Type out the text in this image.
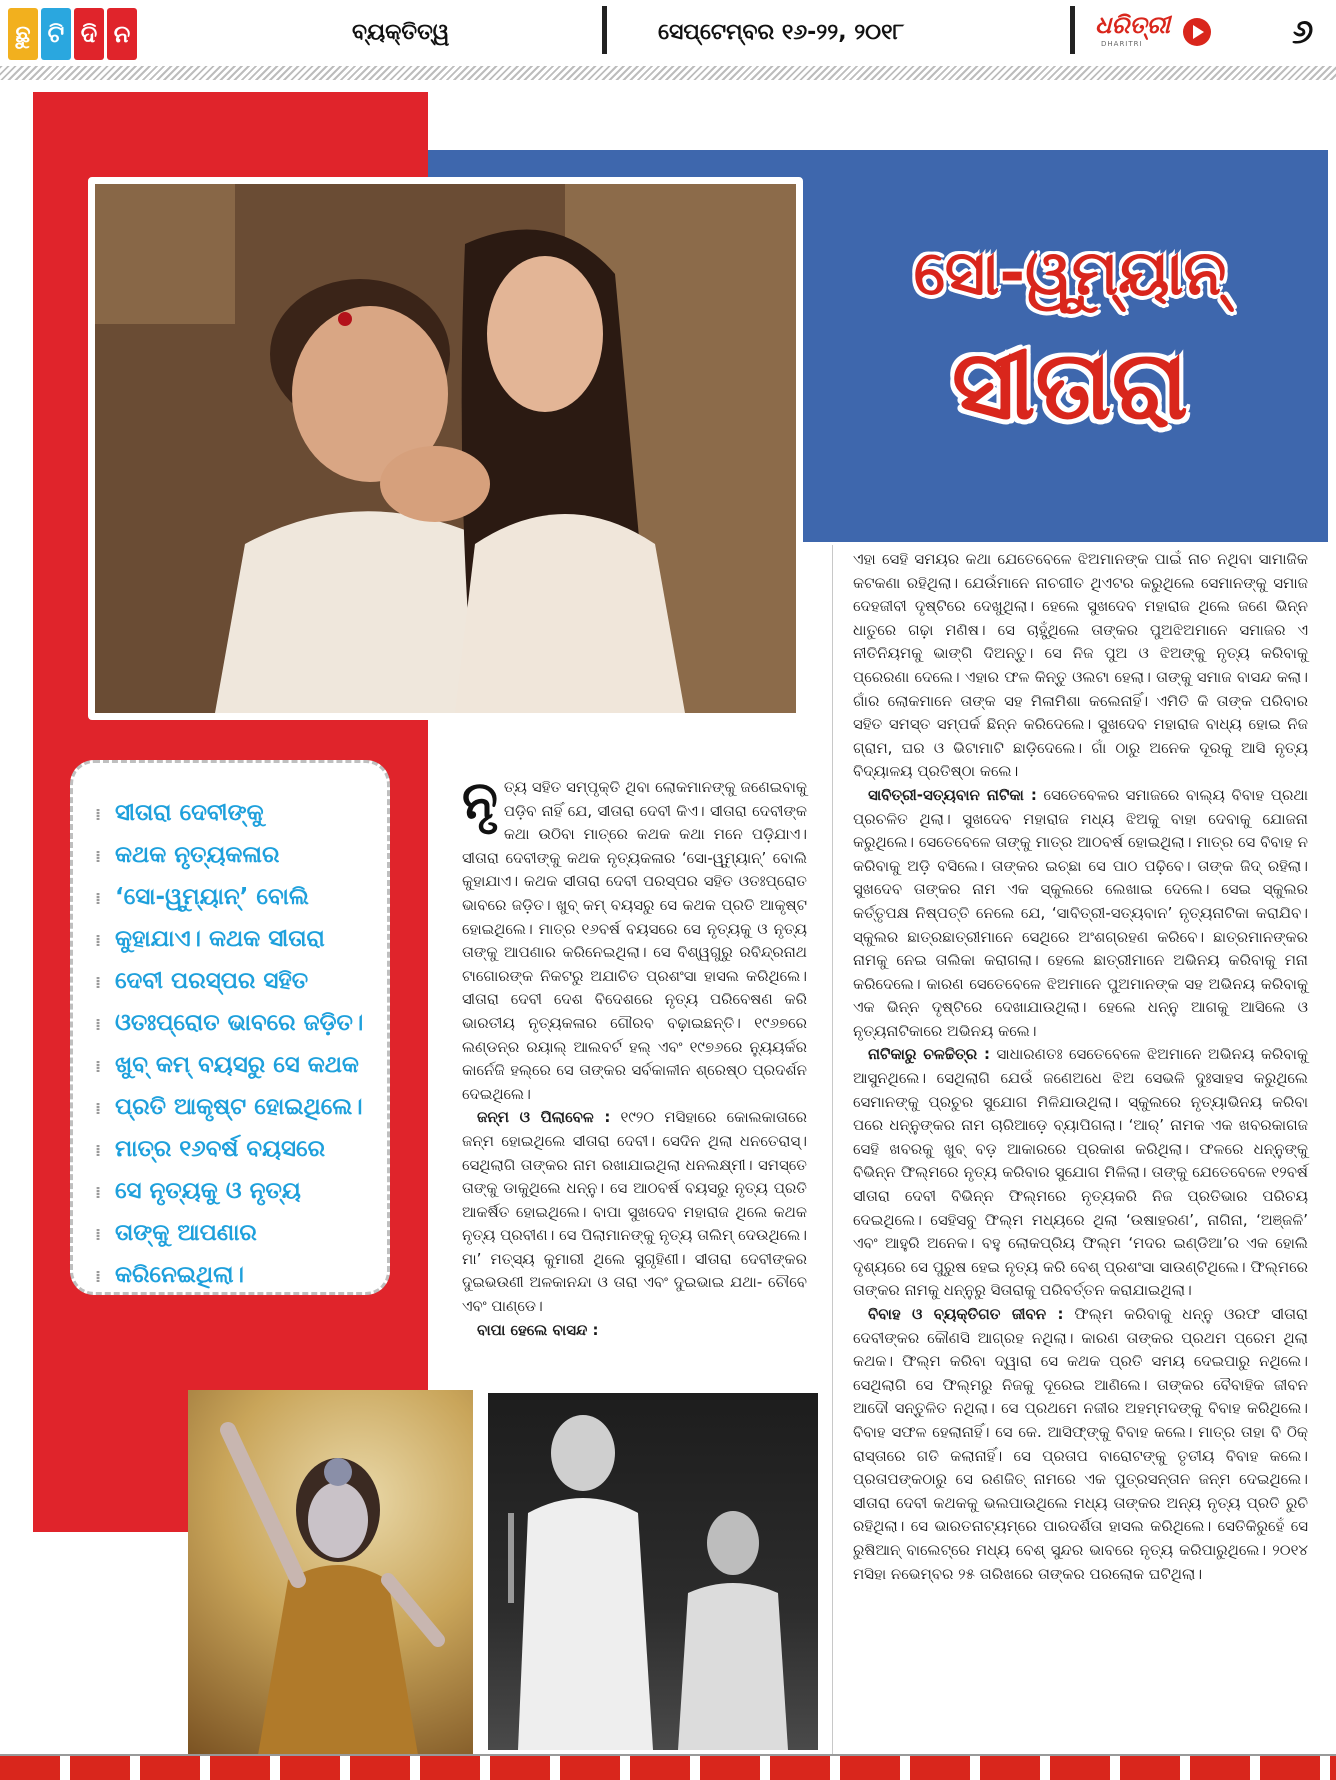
ଛୁ ଟି ଦି ନ	ବ୍ୟକ୍ତିତ୍ୱ	ସେପ୍ଟେମ୍ବର ୧୬-୨୨, ୨୦୧୮	ଧରିତ୍ରୀ
DHARITRI	୬
ସୋ-ୱୁମ୍ୟାନ୍
ସୀତାରା
⁞ ସୀତାରା ଦେବୀଙ୍କୁ
⁞ କଥକ ନୃତ୍ୟକଳାର
⁞ ‘ସୋ-ୱୁମ୍ୟାନ୍’ ବୋଲି
⁞ କୁହାଯାଏ। କଥକ ସୀତାରା
⁞ ଦେବୀ ପରସ୍ପର ସହିତ
⁞ ଓତଃପ୍ରୋତ ଭାବରେ ଜଡ଼ିତ।
⁞ ଖୁବ୍ କମ୍ ବୟସରୁ ସେ କଥକ
⁞ ପ୍ରତି ଆକୃଷ୍ଟ ହୋଇଥିଲେ।
⁞ ମାତ୍ର ୧୬ବର୍ଷ ବୟସରେ
⁞ ସେ ନୃତ୍ୟକୁ ଓ ନୃତ୍ୟ
⁞ ତାଙ୍କୁ ଆପଣାର
⁞ କରିନେଇଥିଲା।

ନୃତ୍ୟ ସହିତ ସମ୍ପୃକ୍ତି ଥିବା ଲୋକମାନଙ୍କୁ ଜଣେଇବାକୁ ପଡ଼ିବ ନାହିଁ ଯେ, ସୀତାରା ଦେବୀ କିଏ। ସୀତାରା ଦେବୀଙ୍କ କଥା ଉଠିବା ମାତ୍ରେ କଥକ କଥା ମନେ ପଡ଼ିଯାଏ। ସୀତାରା ଦେବୀଙ୍କୁ କଥକ ନୃତ୍ୟକଳାର ‘ସୋ-ୱୁମ୍ୟାନ୍’ ବୋଲି କୁହାଯାଏ। କଥକ ସୀତାରା ଦେବୀ ପରସ୍ପର ସହିତ ଓତଃପ୍ରୋତ ଭାବରେ ଜଡ଼ିତ। ଖୁବ୍ କମ୍ ବୟସରୁ ସେ କଥକ ପ୍ରତି ଆକୃଷ୍ଟ ହୋଇଥିଲେ। ମାତ୍ର ୧୬ବର୍ଷ ବୟସରେ ସେ ନୃତ୍ୟକୁ ଓ ନୃତ୍ୟ ତାଙ୍କୁ ଆପଣାର କରିନେଇଥିଲା। ସେ ବିଶ୍ୱଗୁରୁ ରବିନ୍ଦ୍ରନାଥ ଟାଗୋରଙ୍କ ନିକଟରୁ ଅଯାଚିତ ପ୍ରଶଂସା ହାସଲ କରିଥିଲେ। ସୀତାରା ଦେବୀ ଦେଶ ବିଦେଶରେ ନୃତ୍ୟ ପରିବେଷଣ କରି ଭାରତୀୟ ନୃତ୍ୟକଳାର ଗୌରବ ବଢ଼ାଇଛନ୍ତି। ୧୯୬୭ରେ ଲଣ୍ଡନ୍‌ର ରୟାଲ୍ ଆଲବର୍ଟ ହଲ୍ ଏବଂ ୧୯୭୬ରେ ନ୍ୟୁୟର୍କର କାର୍ନେଜି ହଲ୍‌ରେ ସେ ତାଙ୍କର ସର୍ବକାଳୀନ ଶ୍ରେଷ୍ଠ ପ୍ରଦର୍ଶନ ଦେଇଥିଲେ।

 ଜନ୍ମ ଓ ପିଲାବେଳ : ୧୯୨୦ ମସିହାରେ କୋଲକାତାରେ ଜନ୍ମ ହୋଇଥିଲେ ସୀତାରା ଦେବୀ। ସେଦିନ ଥିଲା ଧନତେରାସ୍। ସେଥିଲାଗି ତାଙ୍କର ନାମ ରଖାଯାଇଥିଲା ଧନଲକ୍ଷ୍ମୀ। ସମସ୍ତେ ତାଙ୍କୁ ଡାକୁଥିଲେ ଧନ୍ନୁ। ସେ ଆଠବର୍ଷ ବୟସରୁ ନୃତ୍ୟ ପ୍ରତି ଆକର୍ଷିତ ହୋଇଥିଲେ। ବାପା ସୁଖଦେବ ମହାରାଜ ଥିଲେ କଥକ ନୃତ୍ୟ ପ୍ରବୀଣ। ସେ ପିଲାମାନଙ୍କୁ ନୃତ୍ୟ ତାଲିମ୍ ଦେଉଥିଲେ। ମା’ ମତ୍ସ୍ୟ କୁମାରୀ ଥିଲେ ସୁଗୃହିଣୀ। ସୀତାରା ଦେବୀଙ୍କର ଦୁଇଭଉଣୀ ଅଳକାନନ୍ଦା ଓ ତାରା ଏବଂ ଦୁଇଭାଇ ଯଥା- ଚୌବେ ଏବଂ ପାଣ୍ଡେ।

 ବାପା ହେଲେ ବାସନ୍ଦ :

ଏହା ସେହି ସମୟର କଥା ଯେତେବେଳେ ଝିଅମାନଙ୍କ ପାଇଁ ନାଚ ନଥିବା ସାମାଜିକ କଟକଣା ରହିଥିଲା। ଯେଉଁମାନେ ନାଚଗୀତ ଥିଏଟର କରୁଥିଲେ ସେମାନଙ୍କୁ ସମାଜ ଦେହଜୀବୀ ଦୃଷ୍ଟିରେ ଦେଖୁଥିଲା। ହେଲେ ସୁଖଦେବ ମହାରାଜ ଥିଲେ ଜଣେ ଭିନ୍ନ ଧାତୁରେ ଗଢ଼ା ମଣିଷ। ସେ ଚାହୁଁଥିଲେ ତାଙ୍କର ପୁଅଝିଅମାନେ ସମାଜର ଏ ନୀତିନିୟମକୁ ଭାଙ୍ଗି ଦିଅନ୍ତୁ। ସେ ନିଜ ପୁଅ ଓ ଝିଅଙ୍କୁ ନୃତ୍ୟ କରିବାକୁ ପ୍ରେରଣା ଦେଲେ। ଏହାର ଫଳ କିନ୍ତୁ ଓଲଟା ହେଲା। ତାଙ୍କୁ ସମାଜ ବାସନ୍ଦ କଲା। ଗାଁର ଲୋକମାନେ ତାଙ୍କ ସହ ମିଳାମିଶା କଲେନାହିଁ। ଏମିତି କି ତାଙ୍କ ପରିବାର ସହିତ ସମସ୍ତ ସମ୍ପର୍କ ଛିନ୍ନ କରିଦେଲେ। ସୁଖଦେବ ମହାରାଜ ବାଧ୍ୟ ହୋଇ ନିଜ ଗ୍ରାମ, ଘର ଓ ଭିଟାମାଟି ଛାଡ଼ିଦେଲେ। ଗାଁ ଠାରୁ ଅନେକ ଦୂରକୁ ଆସି ନୃତ୍ୟ ବିଦ୍ୟାଳୟ ପ୍ରତିଷ୍ଠା କଲେ।

 ସାବିତ୍ରୀ-ସତ୍ୟବାନ ନାଟିକା : ସେତେବେଳର ସମାଜରେ ବାଲ୍ୟ ବିବାହ ପ୍ରଥା ପ୍ରଚଳିତ ଥିଲା। ସୁଖଦେବ ମହାରାଜ ମଧ୍ୟ ଝିଅକୁ ବାହା ଦେବାକୁ ଯୋଜନା କରୁଥିଲେ। ସେତେବେଳେ ତାଙ୍କୁ ମାତ୍ର ଆଠବର୍ଷ ହୋଇଥିଲା। ମାତ୍ର ସେ ବିବାହ ନ କରିବାକୁ ଅଡ଼ି ବସିଲେ। ତାଙ୍କର ଇଚ୍ଛା ସେ ପାଠ ପଢ଼ିବେ। ତାଙ୍କ ଜିଦ୍ ରହିଲା। ସୁଖଦେବ ତାଙ୍କର ନାମ ଏକ ସ୍କୁଲରେ ଲେଖାଇ ଦେଲେ। ସେଇ ସ୍କୁଲର କର୍ତ୍ତୃପକ୍ଷ ନିଷ୍ପତ୍ତି ନେଲେ ଯେ, ‘ସାବିତ୍ରୀ-ସତ୍ୟବାନ’ ନୃତ୍ୟନାଟିକା କରାଯିବ। ସ୍କୁଲର ଛାତ୍ରଛାତ୍ରୀମାନେ ସେଥିରେ ଅଂଶଗ୍ରହଣ କରିବେ। ଛାତ୍ରମାନଙ୍କର ନାମକୁ ନେଇ ତାଲିକା କରାଗଲା। ହେଲେ ଛାତ୍ରୀମାନେ ଅଭିନୟ କରିବାକୁ ମନା କରିଦେଲେ। କାରଣ ସେତେବେଳେ ଝିଅମାନେ ପୁଅମାନଙ୍କ ସହ ଅଭିନୟ କରିବାକୁ ଏକ ଭିନ୍ନ ଦୃଷ୍ଟିରେ ଦେଖାଯାଉଥିଲା। ହେଲେ ଧନ୍ନୁ ଆଗକୁ ଆସିଲେ ଓ ନୃତ୍ୟନାଟିକାରେ ଅଭିନୟ କଲେ।

 ନାଟିକାରୁ ଚଳଚ୍ଚିତ୍ର : ସାଧାରଣତଃ ସେତେବେଳେ ଝିଅମାନେ ଅଭିନୟ କରିବାକୁ ଆସୁନଥିଲେ। ସେଥିଲାଗି ଯେଉଁ ଜଣେଅଧେ ଝିଅ ସେଭଳି ଦୁଃସାହସ କରୁଥିଲେ ସେମାନଙ୍କୁ ପ୍ରଚୁର ସୁଯୋଗ ମିଳିଯାଉଥିଲା। ସ୍କୁଲରେ ନୃତ୍ୟାଭିନୟ କରିବା ପରେ ଧନ୍ନୁଙ୍କର ନାମ ଚାରିଆଡ଼େ ବ୍ୟାପିଗଲା। ‘ଆର୍’ ନାମକ ଏକ ଖବରକାଗଜ ସେହି ଖବରକୁ ଖୁବ୍ ବଡ଼ ଆକାରରେ ପ୍ରକାଶ କରିଥିଲା। ଫଳରେ ଧନ୍ନୁଙ୍କୁ ବିଭିନ୍ନ ଫିଲ୍ମରେ ନୃତ୍ୟ କରିବାର ସୁଯୋଗ ମିଳିଲା। ତାଙ୍କୁ ଯେତେବେଳେ ୧୨ବର୍ଷ ସୀତାରା ଦେବୀ ବିଭିନ୍ନ ଫିଲ୍ମରେ ନୃତ୍ୟକରି ନିଜ ପ୍ରତିଭାର ପରିଚୟ ଦେଇଥିଲେ। ସେହିସବୁ ଫିଲ୍ମ ମଧ୍ୟରେ ଥିଲା ‘ଉଷାହରଣ’, ନାଗିନା, ‘ଅଞ୍ଜଳି’ ଏବଂ ଆହୁରି ଅନେକ। ବହୁ ଲୋକପ୍ରିୟ ଫିଲ୍ମ ‘ମଦର ଇଣ୍ଡିଆ’ର ଏକ ହୋଲି ଦୃଶ୍ୟରେ ସେ ପୁରୁଷ ହେଇ ନୃତ୍ୟ କରି ବେଶ୍ ପ୍ରଶଂସା ସାଉଣ୍ଟିଥିଲେ। ଫିଲ୍ମରେ ତାଙ୍କର ନାମକୁ ଧନ୍ନୁରୁ ସିତାରାକୁ ପରିବର୍ତ୍ତନ କରାଯାଇଥିଲା।

 ବିବାହ ଓ ବ୍ୟକ୍ତିଗତ ଜୀବନ : ଫିଲ୍ମ କରିବାକୁ ଧନ୍ନୁ ଓରଫ ସୀତାରା ଦେବୀଙ୍କର କୌଣସି ଆଗ୍ରହ ନଥିଲା। କାରଣ ତାଙ୍କର ପ୍ରଥମ ପ୍ରେମ ଥିଲା କଥକ। ଫିଲ୍ମ କରିବା ଦ୍ୱାରା ସେ କଥକ ପ୍ରତି ସମୟ ଦେଇପାରୁ ନଥିଲେ। ସେଥିଲାଗି ସେ ଫିଲ୍ମରୁ ନିଜକୁ ଦୂରେଇ ଆଣିଲେ। ତାଙ୍କର ବୈବାହିକ ଜୀବନ ଆଦୌ ସନ୍ତୁଳିତ ନଥିଲା। ସେ ପ୍ରଥମେ ନଜୀର ଅହମ୍ମଦଙ୍କୁ ବିବାହ କରିଥିଲେ। ବିବାହ ସଫଳ ହେଲାନାହିଁ। ସେ କେ. ଆସିଫ୍‌ଙ୍କୁ ବିବାହ କଲେ। ମାତ୍ର ତାହା ବି ଠିକ୍ ରାସ୍ତାରେ ଗତି କଲାନାହିଁ। ସେ ପ୍ରତାପ ବାରୋଟଙ୍କୁ ତୃତୀୟ ବିବାହ କଲେ। ପ୍ରତାପଙ୍କଠାରୁ ସେ ରଣଜିତ୍ ନାମରେ ଏକ ପୁତ୍ରସନ୍ତାନ ଜନ୍ମ ଦେଇଥିଲେ। ସୀତାରା ଦେବୀ କଥକକୁ ଭଲପାଉଥିଲେ ମଧ୍ୟ ତାଙ୍କର ଅନ୍ୟ ନୃତ୍ୟ ପ୍ରତି ରୁଚି ରହିଥିଲା। ସେ ଭାରତନାଟ୍ୟମ୍‌ରେ ପାରଦର୍ଶିତା ହାସଲ କରିଥିଲେ। ସେତିକିରୁହେଁ ସେ ରୁଷିଆନ୍ ବାଲେଟ୍‌ରେ ମଧ୍ୟ ବେଶ୍ ସୁନ୍ଦର ଭାବରେ ନୃତ୍ୟ କରିପାରୁଥିଲେ। ୨୦୧୪ ମସିହା ନଭେମ୍ବର ୨୫ ତାରିଖରେ ତାଙ୍କର ପରଲୋକ ଘଟିଥିଲା।
